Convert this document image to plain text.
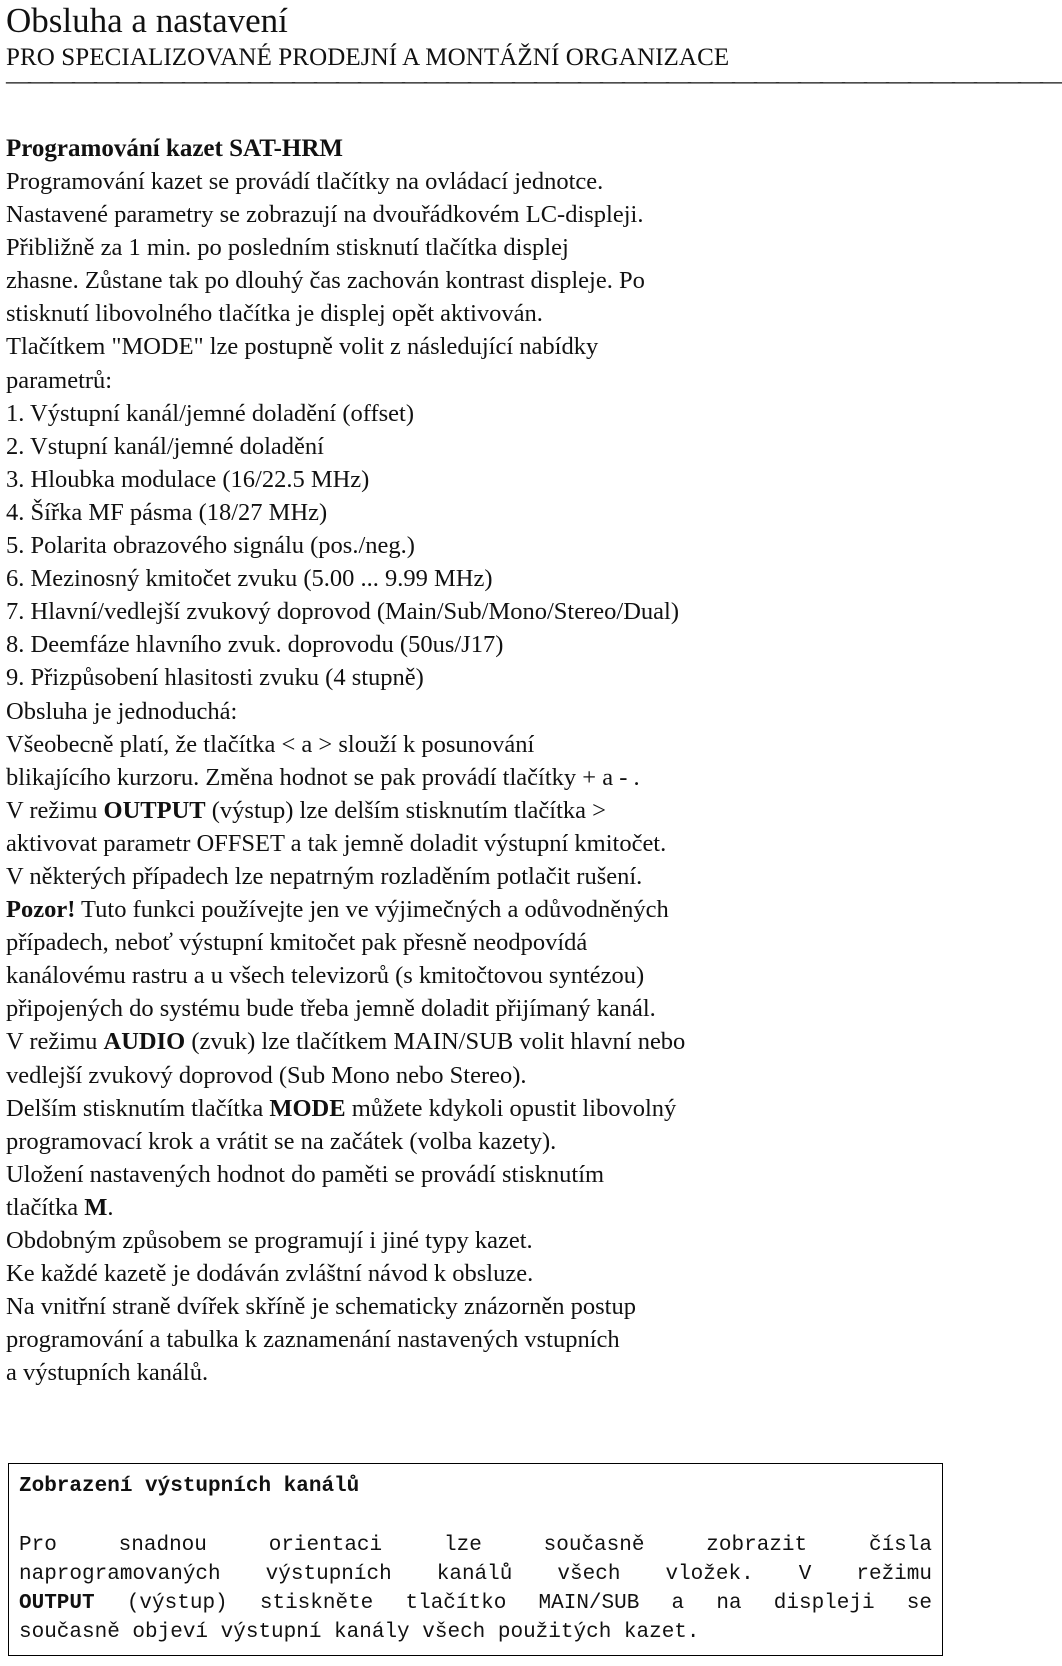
Obsluha a nastavení
PRO SPECIALIZOVANÉ PRODEJNÍ A MONTÁŽNÍ ORGANIZACE
————————————————————————————————————————————————
Programování kazet SAT-HRM

Programování kazet se provádí tlačítky na ovládací jednotce.

Nastavené parametry se zobrazují na dvouřádkovém LC-displeji.

Přibližně za 1 min. po posledním stisknutí tlačítka displej

zhasne. Zůstane tak po dlouhý čas zachován kontrast displeje. Po

stisknutí libovolného tlačítka je displej opět aktivován.

Tlačítkem "MODE" lze postupně volit z následující nabídky

parametrů:

1. Výstupní kanál/jemné doladění (offset)

2. Vstupní kanál/jemné doladění

3. Hloubka modulace (16/22.5 MHz)

4. Šířka MF pásma (18/27 MHz)

5. Polarita obrazového signálu (pos./neg.)

6. Mezinosný kmitočet zvuku (5.00 ... 9.99 MHz)

7. Hlavní/vedlejší zvukový doprovod (Main/Sub/Mono/Stereo/Dual)

8. Deemfáze hlavního zvuk. doprovodu (50us/J17)

9. Přizpůsobení hlasitosti zvuku (4 stupně)

Obsluha je jednoduchá:

Všeobecně platí, že tlačítka < a > slouží k posunování

blikajícího kurzoru. Změna hodnot se pak provádí tlačítky + a - .

V režimu OUTPUT (výstup) lze delším stisknutím tlačítka >

aktivovat parametr OFFSET a tak jemně doladit výstupní kmitočet.

V některých případech lze nepatrným rozladěním potlačit rušení.

Pozor! Tuto funkci používejte jen ve výjimečných a odůvodněných

případech, neboť výstupní kmitočet pak přesně neodpovídá

kanálovému rastru a u všech televizorů (s kmitočtovou syntézou)

připojených do systému bude třeba jemně doladit přijímaný kanál.

V režimu AUDIO (zvuk) lze tlačítkem MAIN/SUB volit hlavní nebo

vedlejší zvukový doprovod (Sub Mono nebo Stereo).

Delším stisknutím tlačítka MODE můžete kdykoli opustit libovolný

programovací krok a vrátit se na začátek (volba kazety).

Uložení nastavených hodnot do paměti se provádí stisknutím

tlačítka M.

Obdobným způsobem se programují i jiné typy kazet.

Ke každé kazetě je dodáván zvláštní návod k obsluze.

Na vnitřní straně dvířek skříně je schematicky znázorněn postup

programování a tabulka k zaznamenání nastavených vstupních

a výstupních kanálů.

Zobrazení výstupních kanálů
Pro snadnou orientaci lze současně zobrazit čísla
naprogramovaných výstupních kanálů všech vložek. V režimu
OUTPUT (výstup) stiskněte tlačítko MAIN/SUB a na displeji se
současně objeví výstupní kanály všech použitých kazet.
